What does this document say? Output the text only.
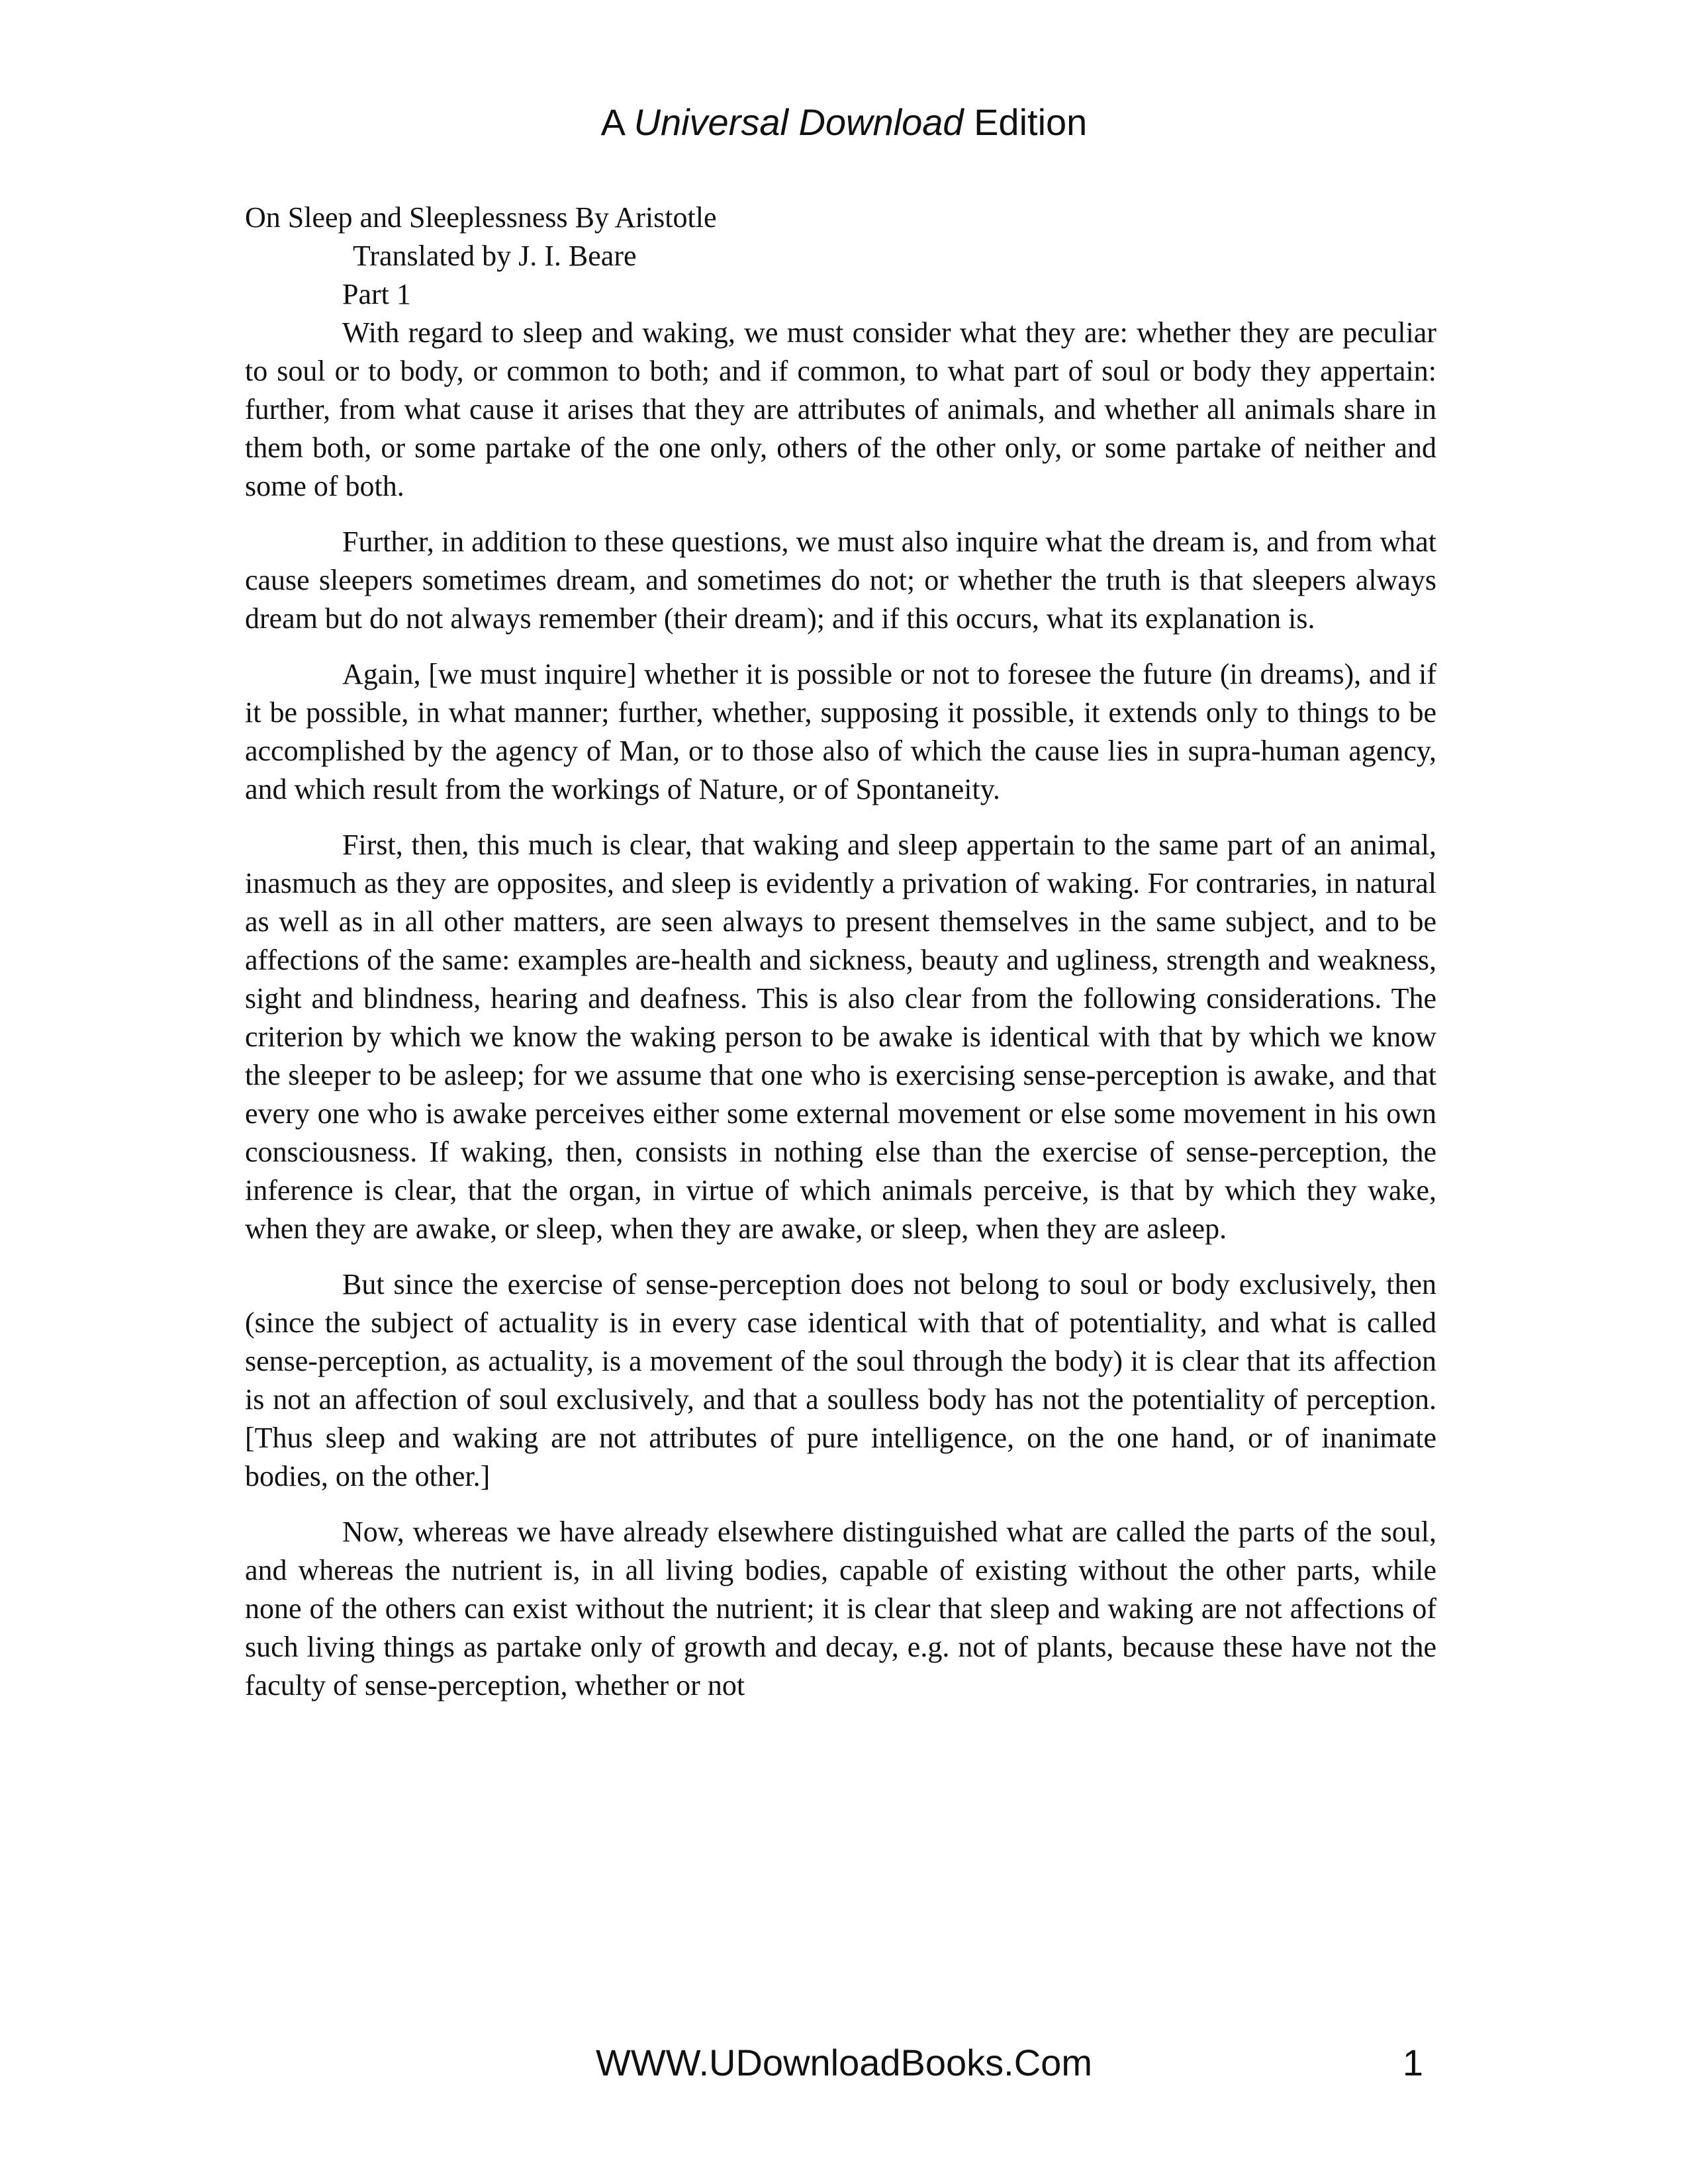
A Universal Download Edition

On Sleep and Sleeplessness By Aristotle

Translated by J. I. Beare

Part 1

With regard to sleep and waking, we must consider what they are: whether they are peculiar to soul or to body, or common to both; and if common, to what part of soul or body they appertain: further, from what cause it arises that they are attributes of animals, and whether all animals share in them both, or some partake of the one only, others of the other only, or some partake of neither and some of both.

Further, in addition to these questions, we must also inquire what the dream is, and from what cause sleepers sometimes dream, and sometimes do not; or whether the truth is that sleepers always dream but do not always remember (their dream); and if this occurs, what its explanation is.

Again, [we must inquire] whether it is possible or not to foresee the future (in dreams), and if it be possible, in what manner; further, whether, supposing it possible, it extends only to things to be accomplished by the agency of Man, or to those also of which the cause lies in supra-human agency, and which result from the workings of Nature, or of Spontaneity.

First, then, this much is clear, that waking and sleep appertain to the same part of an animal, inasmuch as they are opposites, and sleep is evidently a privation of waking. For contraries, in natural as well as in all other matters, are seen always to present themselves in the same subject, and to be affections of the same: examples are-health and sickness, beauty and ugliness, strength and weakness, sight and blindness, hearing and deafness. This is also clear from the following considerations. The criterion by which we know the waking person to be awake is identical with that by which we know the sleeper to be asleep; for we assume that one who is exercising sense-perception is awake, and that every one who is awake perceives either some external movement or else some movement in his own consciousness. If waking, then, consists in nothing else than the exercise of sense-perception, the inference is clear, that the organ, in virtue of which animals perceive, is that by which they wake, when they are awake, or sleep, when they are awake, or sleep, when they are asleep.

But since the exercise of sense-perception does not belong to soul or body exclusively, then (since the subject of actuality is in every case identical with that of potentiality, and what is called sense-perception, as actuality, is a movement of the soul through the body) it is clear that its affection is not an affection of soul exclusively, and that a soulless body has not the potentiality of perception. [Thus sleep and waking are not attributes of pure intelligence, on the one hand, or of inanimate bodies, on the other.]

Now, whereas we have already elsewhere distinguished what are called the parts of the soul, and whereas the nutrient is, in all living bodies, capable of existing without the other parts, while none of the others can exist without the nutrient; it is clear that sleep and waking are not affections of such living things as partake only of growth and decay, e.g. not of plants, because these have not the faculty of sense-perception, whether or not

WWW.UDownloadBooks.Com	1
